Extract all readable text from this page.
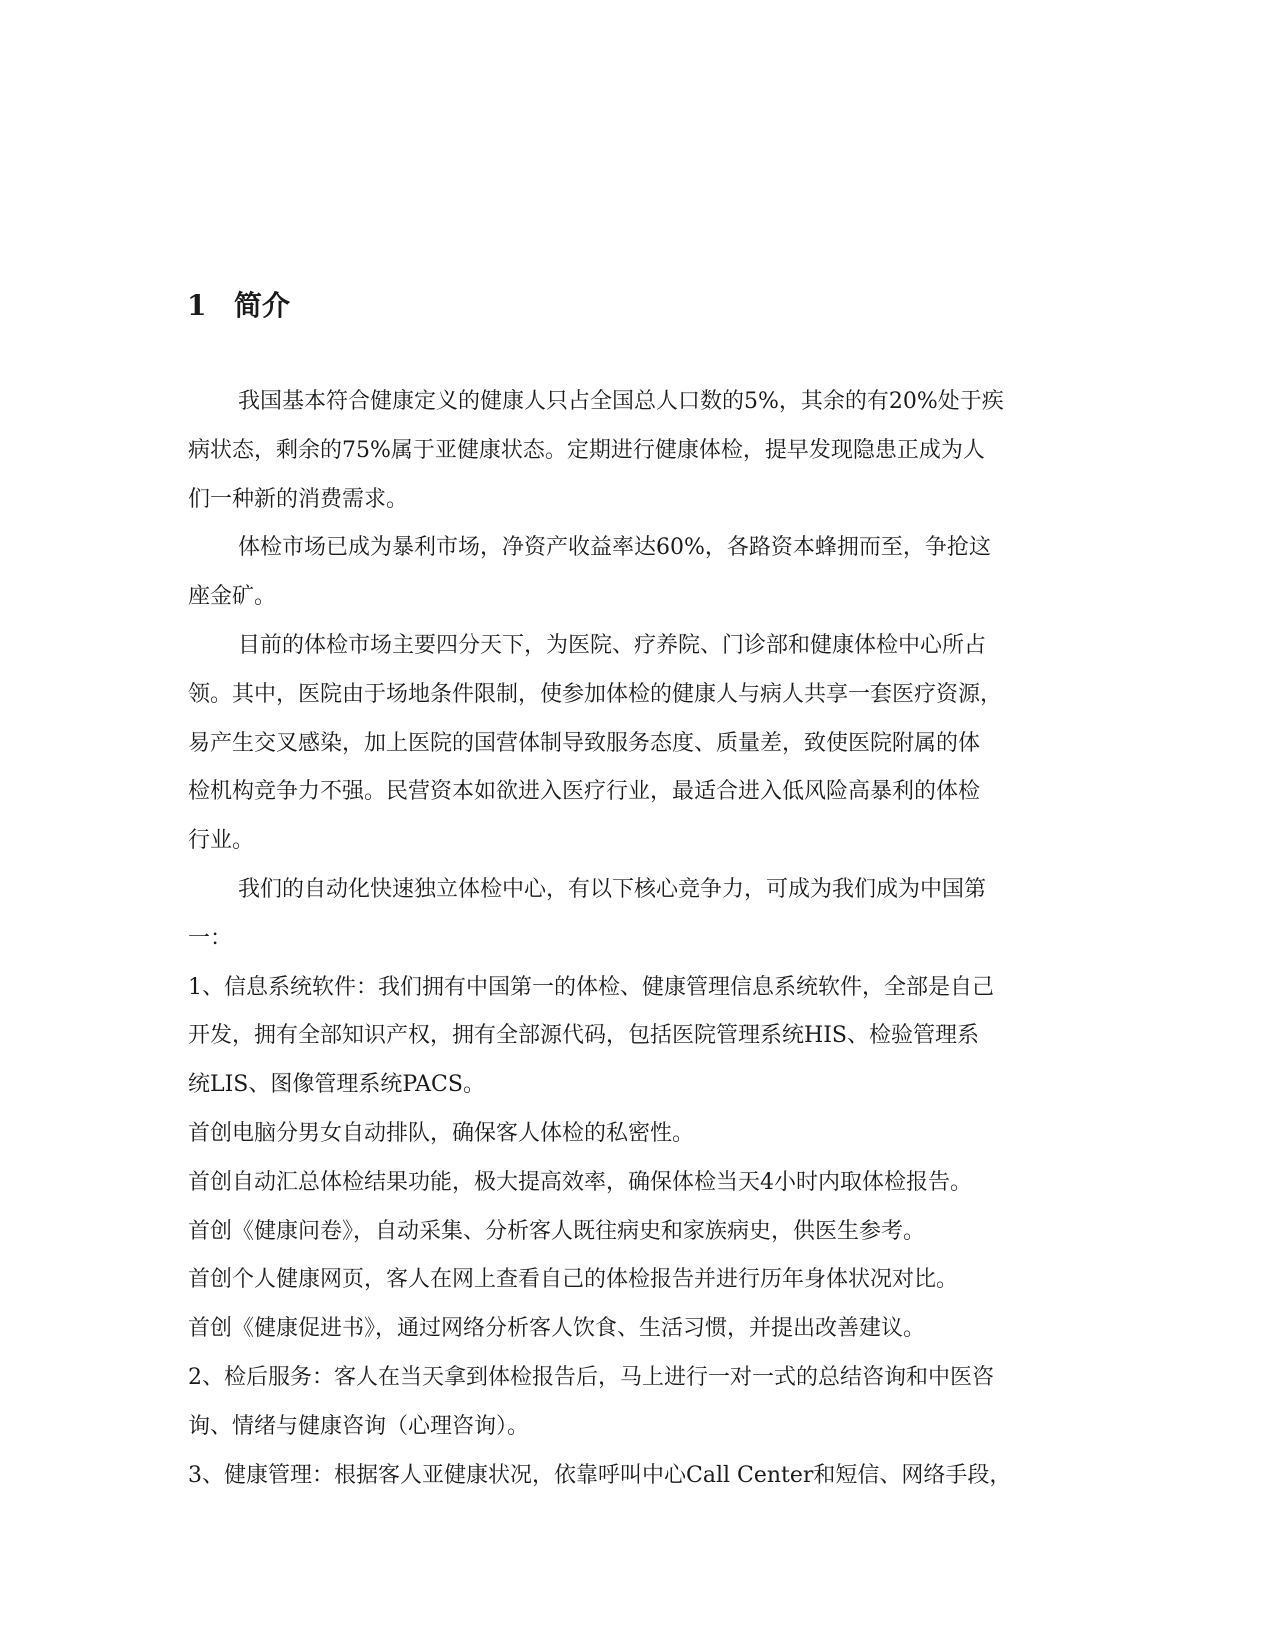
1 简介
我国基本符合健康定义的健康人只占全国总人口数的5%，其余的有20%处于疾
病状态，剩余的75%属于亚健康状态。定期进行健康体检，提早发现隐患正成为人
们一种新的消费需求。
体检市场已成为暴利市场，净资产收益率达60%，各路资本蜂拥而至，争抢这
座金矿。
目前的体检市场主要四分天下，为医院、疗养院、门诊部和健康体检中心所占
领。其中，医院由于场地条件限制，使参加体检的健康人与病人共享一套医疗资源，
易产生交叉感染，加上医院的国营体制导致服务态度、质量差，致使医院附属的体
检机构竞争力不强。民营资本如欲进入医疗行业，最适合进入低风险高暴利的体检
行业。
我们的自动化快速独立体检中心，有以下核心竞争力，可成为我们成为中国第
一：
1、信息系统软件：我们拥有中国第一的体检、健康管理信息系统软件，全部是自己
开发，拥有全部知识产权，拥有全部源代码，包括医院管理系统HIS、检验管理系
统LIS、图像管理系统PACS。
首创电脑分男女自动排队，确保客人体检的私密性。
首创自动汇总体检结果功能，极大提高效率，确保体检当天4小时内取体检报告。
首创《健康问卷》，自动采集、分析客人既往病史和家族病史，供医生参考。
首创个人健康网页，客人在网上查看自己的体检报告并进行历年身体状况对比。
首创《健康促进书》，通过网络分析客人饮食、生活习惯，并提出改善建议。
2、检后服务：客人在当天拿到体检报告后，马上进行一对一式的总结咨询和中医咨
询、情绪与健康咨询（心理咨询）。
3、健康管理：根据客人亚健康状况，依靠呼叫中心Call Center和短信、网络手段，
